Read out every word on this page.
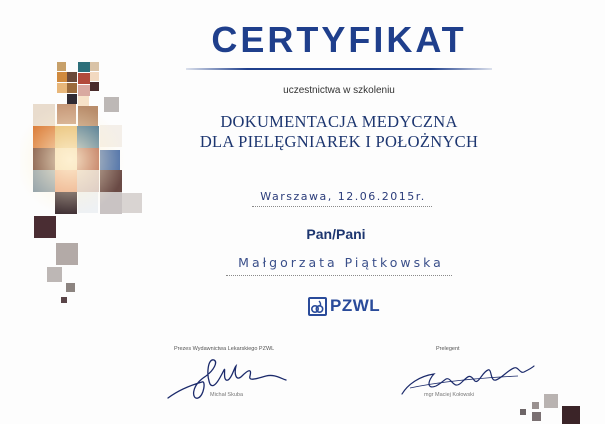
CERTYFIKAT
uczestnictwa w szkoleniu
DOKUMENTACJA MEDYCZNA
DLA PIELĘGNIAREK I POŁOŻNYCH
Warszawa, 12.06.2015r.
Pan/Pani
Małgorzata Piątkowska
PZWL
Prezes Wydawnictwa Lekarskiego PZWL
Michał Skuba
Prelegent
mgr Maciej Kołowski
